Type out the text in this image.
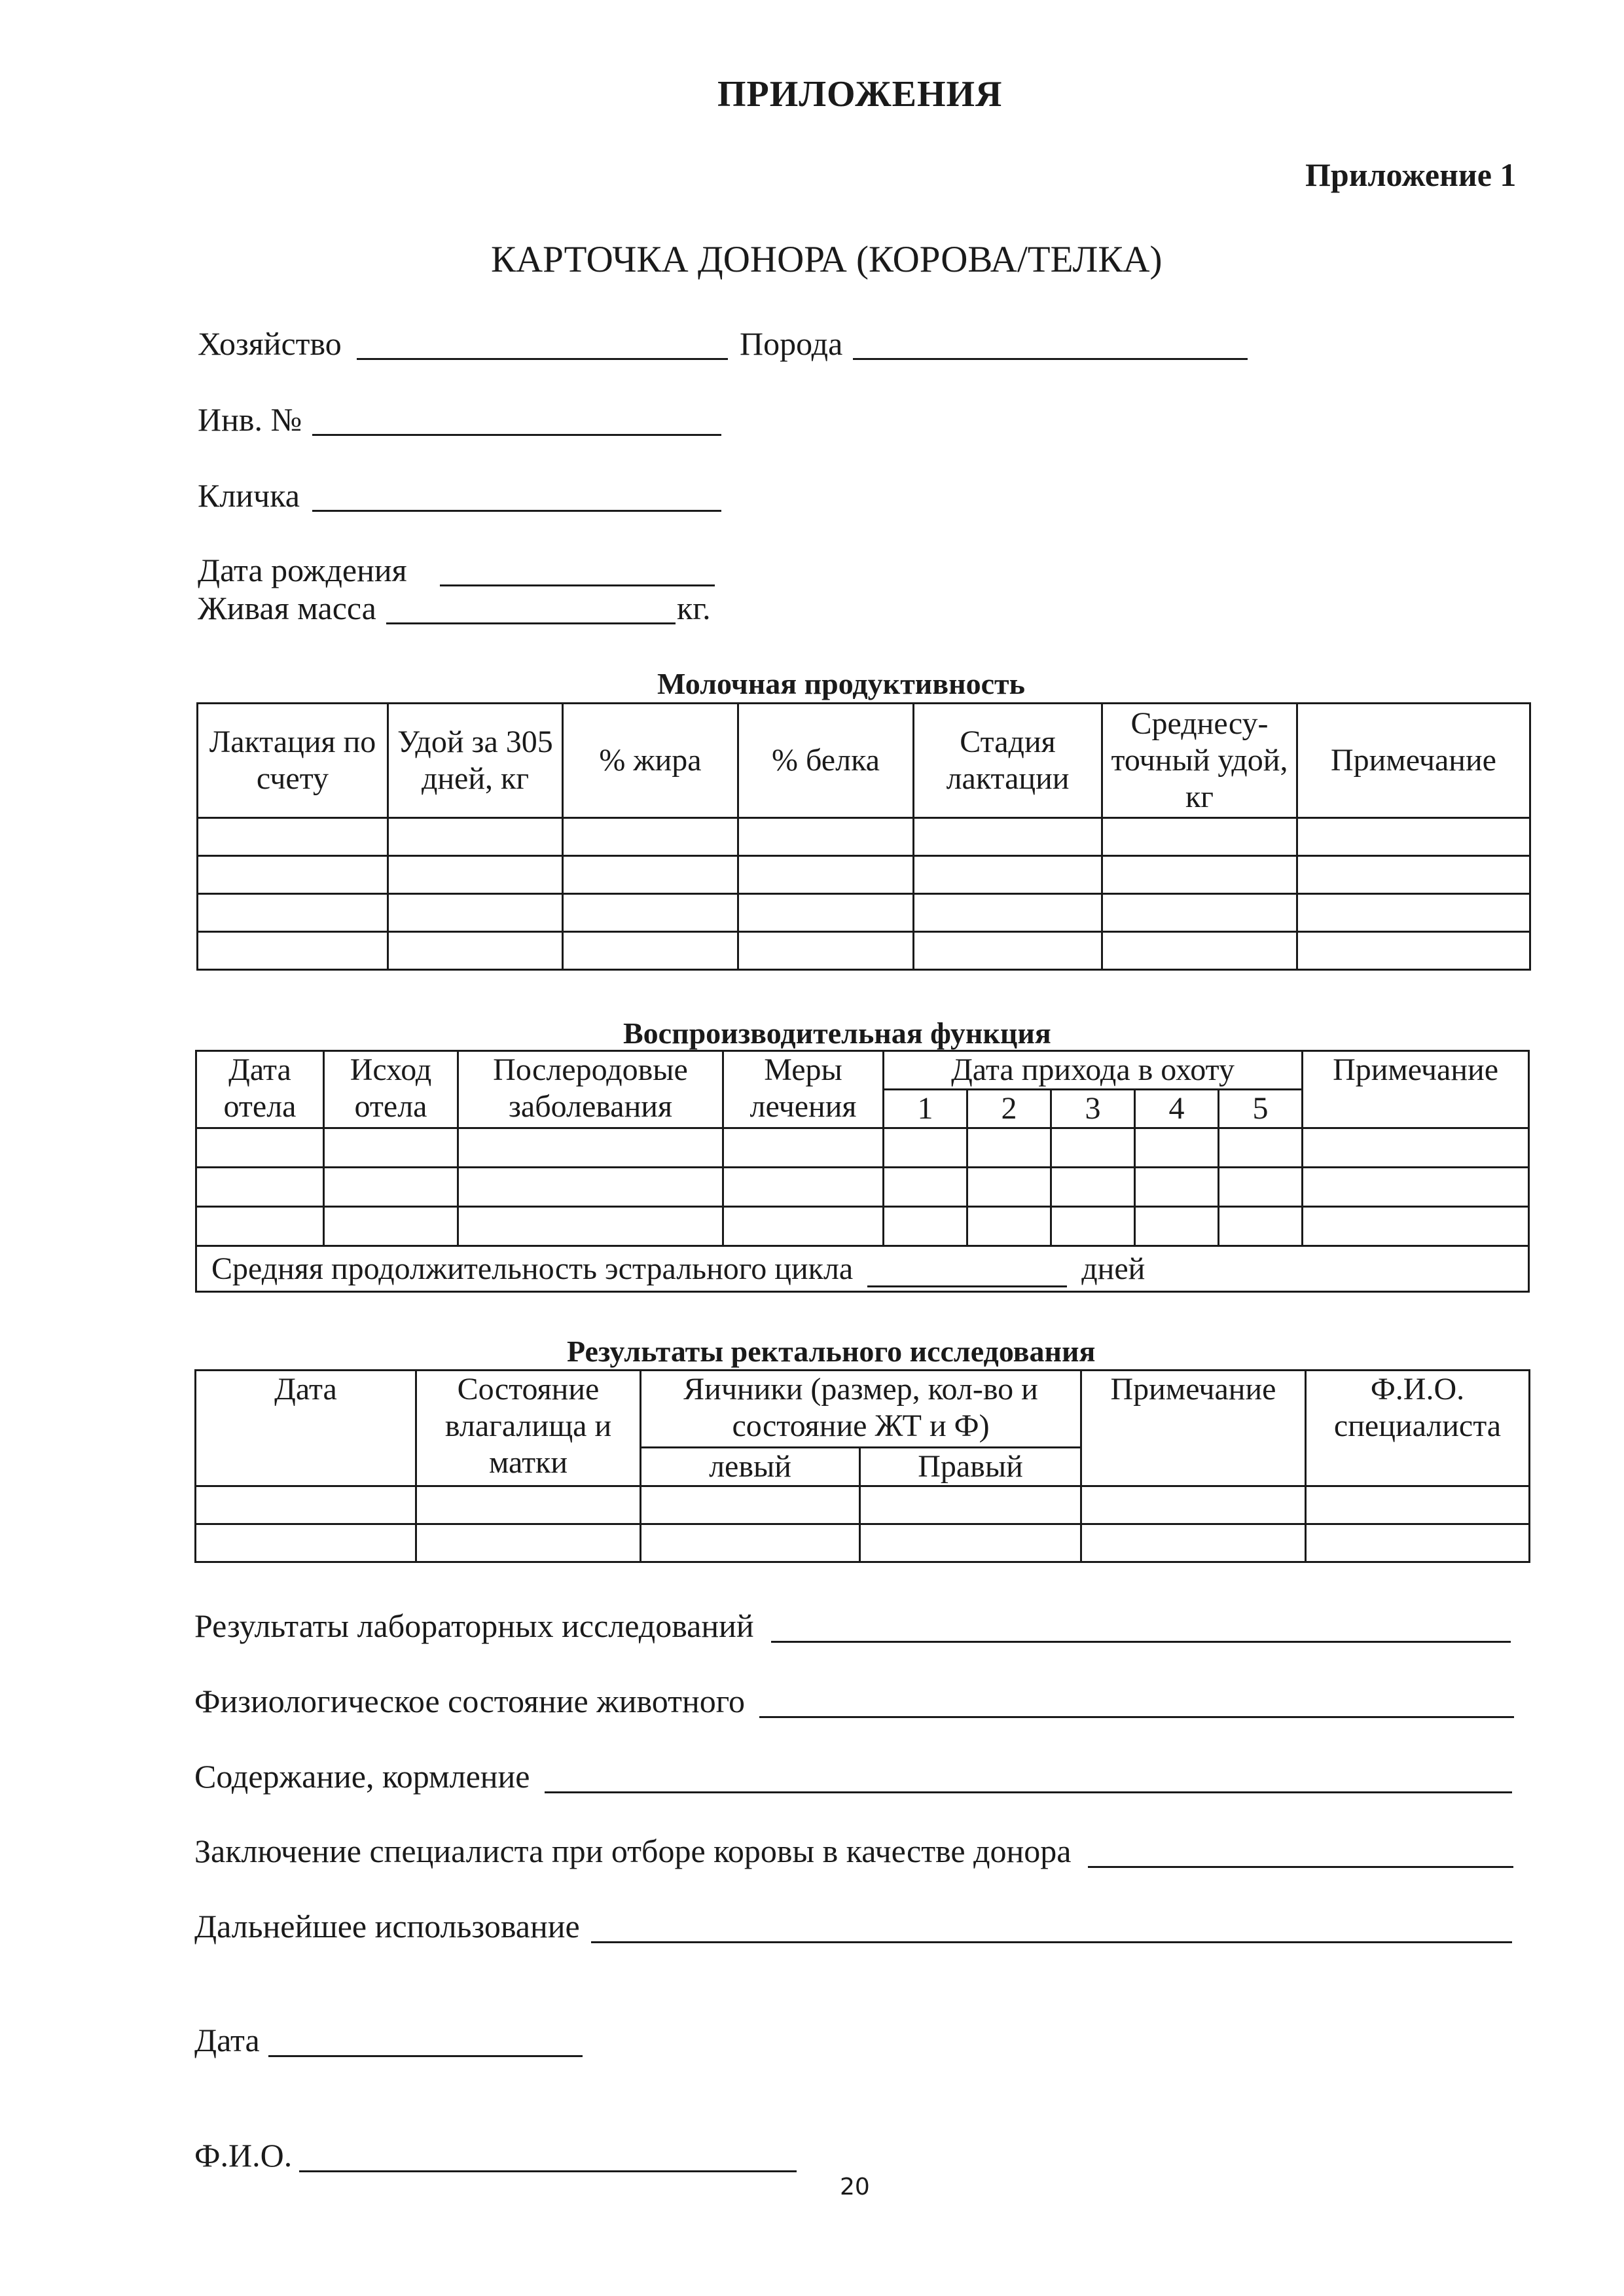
ПРИЛОЖЕНИЯ
Приложение 1
КАРТОЧКА ДОНОРА (КОРОВА/ТЕЛКА)
Хозяйство	Порода
Инв. №
Кличка
Дата рождения
Живая масса	кг.
Молочная продуктивность
Лактация по счету	Удой за 305 дней, кг	% жира	% белка	Стадия лактации	Среднесу-точный удой, кг	Примечание

Воспроизводительная функция
Дата отела	Исход отела	Послеродовые заболевания	Меры лечения	Дата прихода в охоту					Примечание
				1	2	3	4	5	

Средняя продолжительность эстрального цикла дней									
Результаты ректального исследования
Дата	Состояние влагалища и матки	Яичники (размер, кол-во и состояние ЖТ и Ф)		Примечание	Ф.И.О. специалиста
		левый	Правый		

Результаты лабораторных исследований
Физиологическое состояние животного
Содержание, кормление
Заключение специалиста при отборе коровы в качестве донора
Дальнейшее использование
Дата
Ф.И.О.
20
